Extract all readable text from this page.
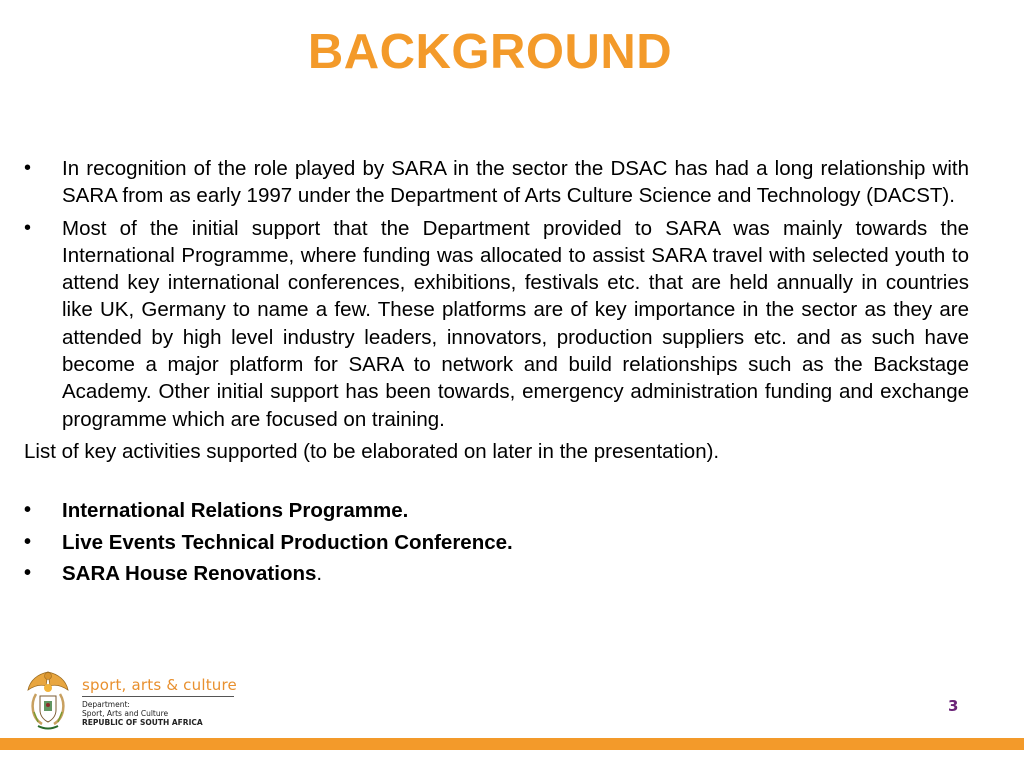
BACKGROUND
• In recognition of the role played by SARA in the sector the DSAC has had a long relationship with SARA from as early 1997 under the Department of Arts Culture Science and Technology (DACST).
• Most of the initial support that the Department provided to SARA was mainly towards the International Programme, where funding was allocated to assist SARA travel with selected youth to attend key international conferences, exhibitions, festivals etc. that are held annually in countries like UK, Germany to name a few. These platforms are of key importance in the sector as they are attended by high level industry leaders, innovators, production suppliers etc. and as such have become a major platform for SARA to network and build relationships such as the Backstage Academy. Other initial support has been towards, emergency administration funding and exchange programme which are focused on training.
List of key activities supported (to be elaborated on later in the presentation).
• International Relations Programme.
• Live Events Technical Production Conference.
• SARA House Renovations.
sport, arts & culture
Department:
Sport, Arts and Culture
REPUBLIC OF SOUTH AFRICA
3
